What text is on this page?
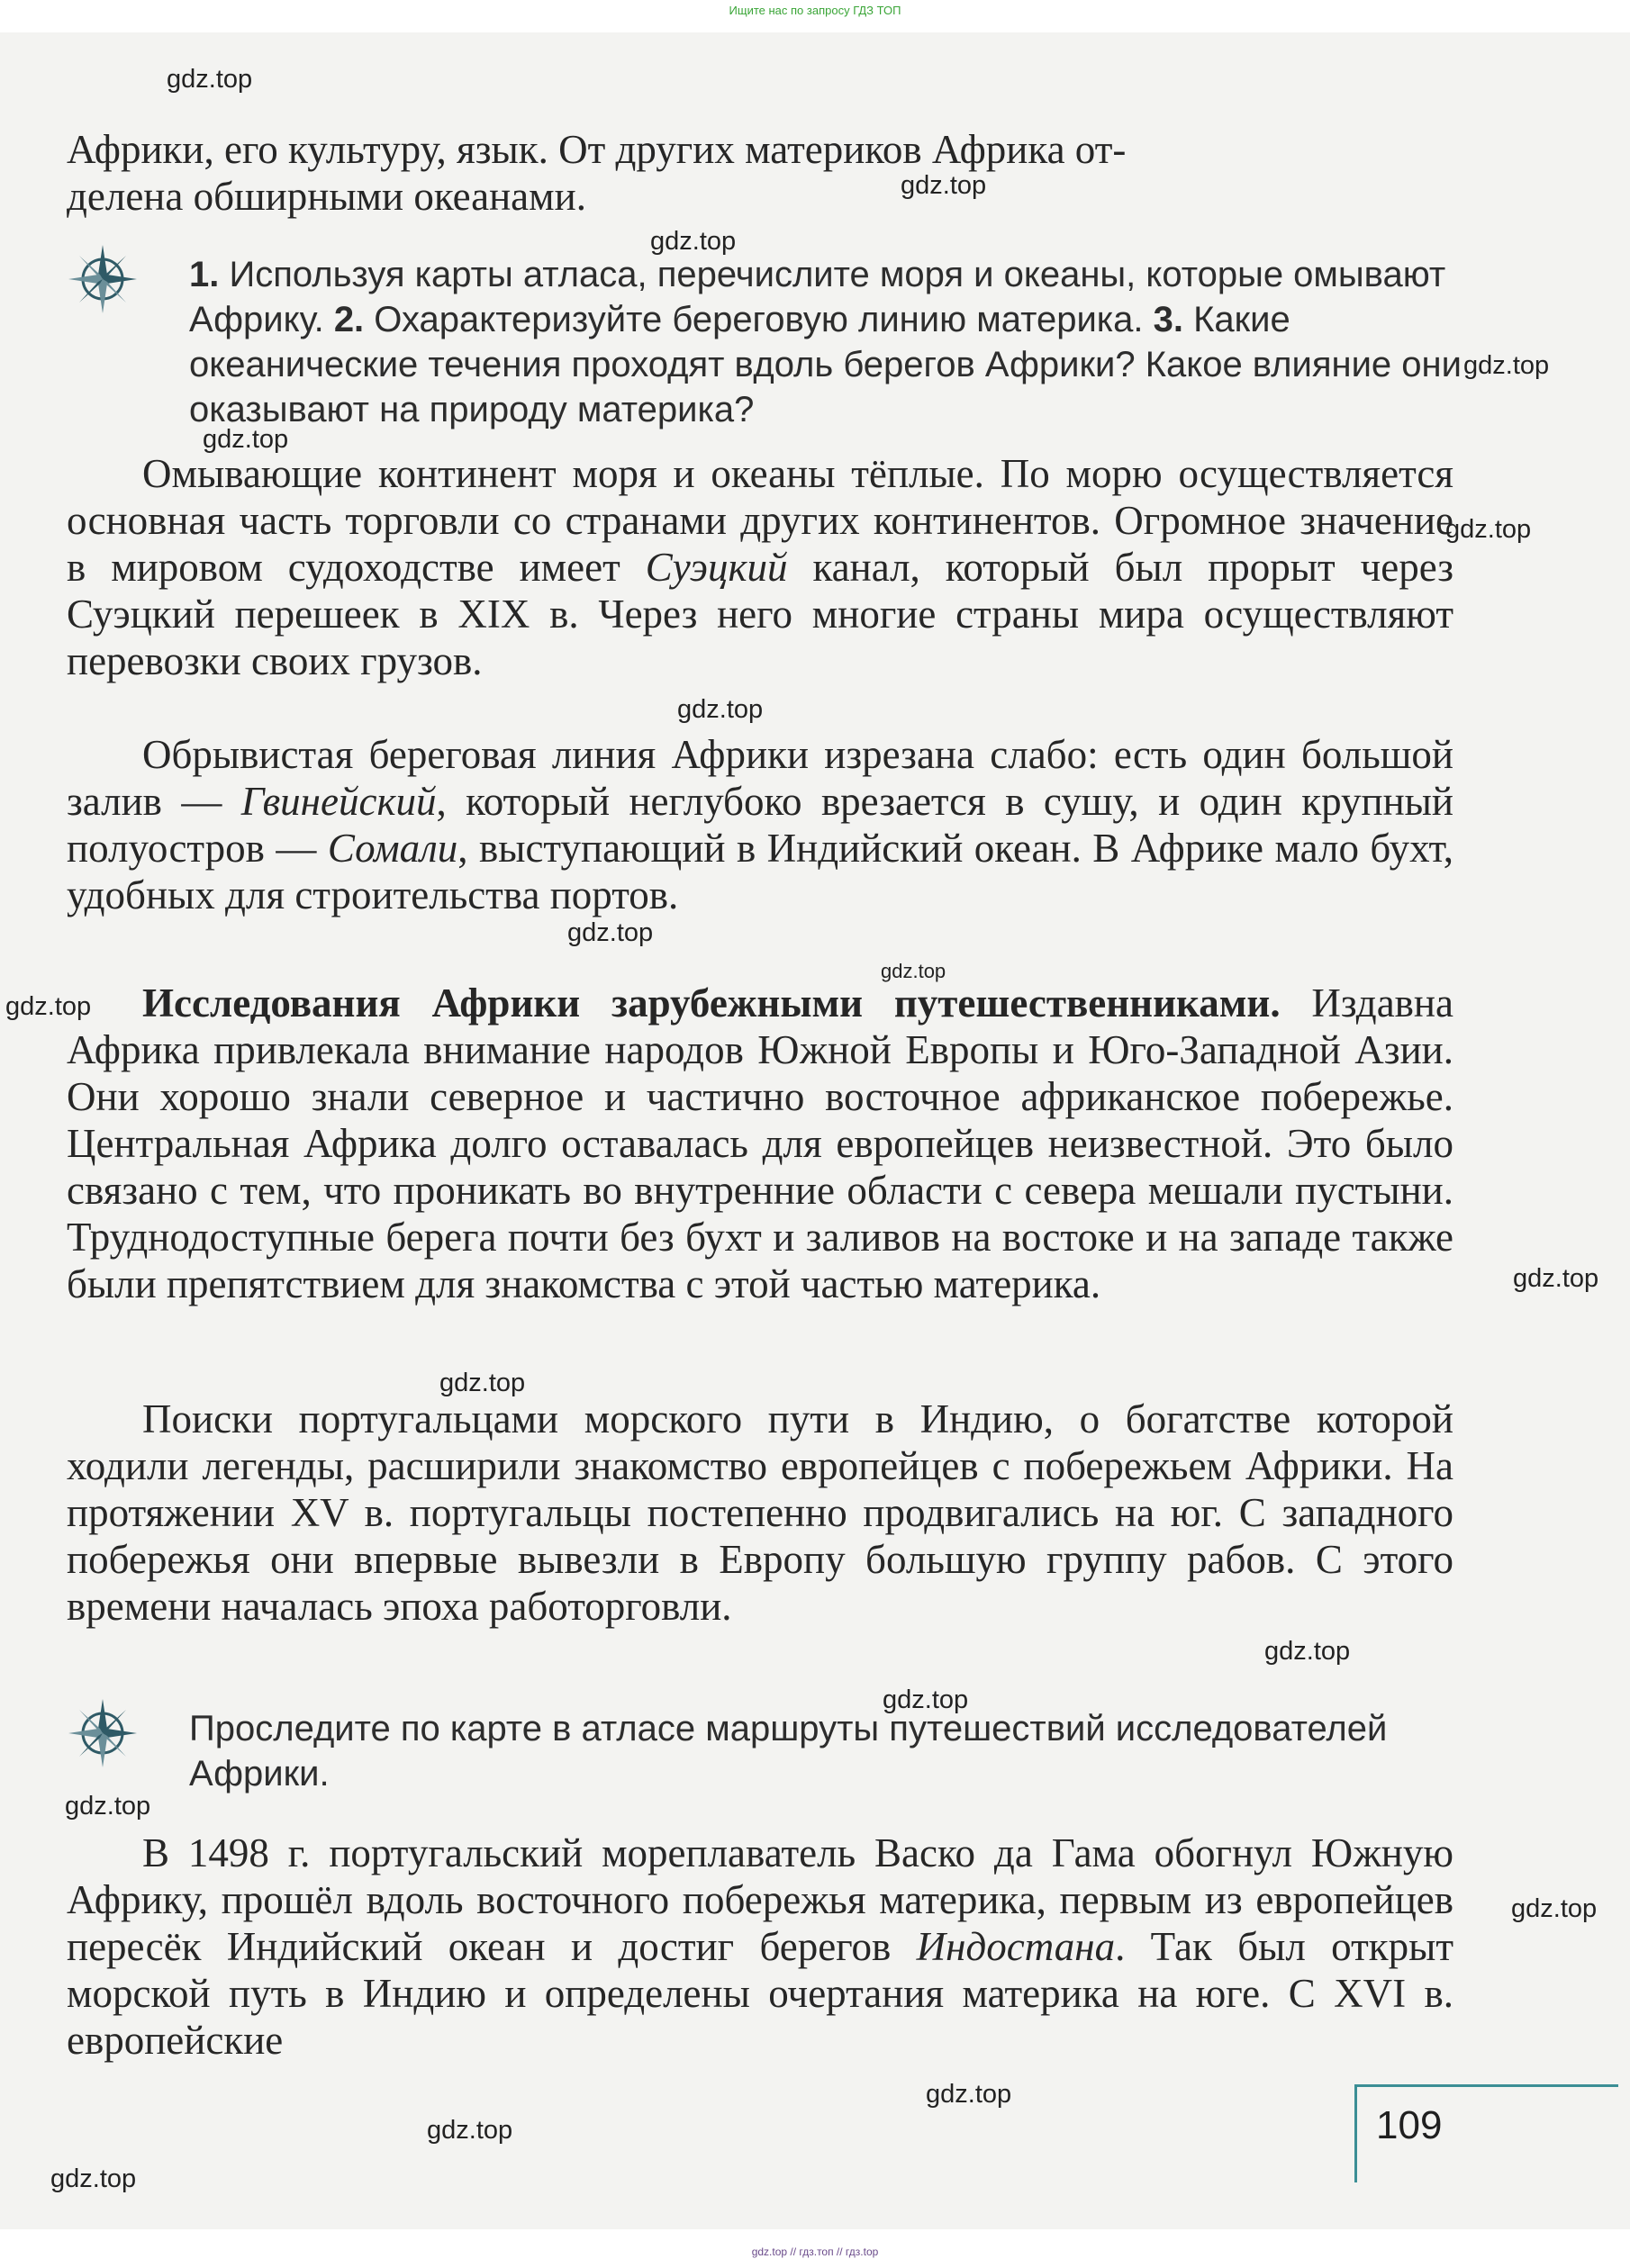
Ищите нас по запросу ГДЗ ТОП

Африки, его культуру, язык. От других материков Африка от-
делена обширными океанами.

1. Используя карты атласа, перечислите моря и океаны, которые омывают Африку. 2. Охарактеризуйте береговую линию материка. 3. Какие океанические течения проходят вдоль берегов Африки? Какое влияние они оказывают на природу материка?

Омывающие континент моря и океаны тёплые. По морю осуществляется основная часть торговли со странами других континентов. Огромное значение в мировом судоходстве имеет Суэцкий канал, который был прорыт через Суэцкий перешеек в XIX в. Через него многие страны мира осуществляют перевозки своих грузов.

Обрывистая береговая линия Африки изрезана слабо: есть один большой залив — Гвинейский, который неглубоко врезается в сушу, и один крупный полуостров — Сомали, выступающий в Индийский океан. В Африке мало бухт, удобных для строительства портов.

Исследования Африки зарубежными путешественниками. Издавна Африка привлекала внимание народов Южной Европы и Юго-Западной Азии. Они хорошо знали северное и частично восточное африканское побережье. Центральная Африка долго оставалась для европейцев неизвестной. Это было связано с тем, что проникать во внутренние области с севера мешали пустыни. Труднодоступные берега почти без бухт и заливов на востоке и на западе также были препятствием для знакомства с этой частью материка.

Поиски португальцами морского пути в Индию, о богатстве которой ходили легенды, расширили знакомство европейцев с побережьем Африки. На протяжении XV в. португальцы постепенно продвигались на юг. С западного побережья они впервые вывезли в Европу большую группу рабов. С этого времени началась эпоха работорговли.

Проследите по карте в атласе маршруты путешествий исследователей Африки.

В 1498 г. португальский мореплаватель Васко да Гама обогнул Южную Африку, прошёл вдоль восточного побережья материка, первым из европейцев пересёк Индийский океан и достиг берегов Индостана. Так был открыт морской путь в Индию и определены очертания материка на юге. С XVI в. европейские

109
gdz.top
gdz.top
gdz.top
gdz.top
gdz.top
gdz.top
gdz.top
gdz.top
gdz.top
gdz.top
gdz.top
gdz.top
gdz.top
gdz.top
gdz.top
gdz.top
gdz.top
gdz.top
gdz.top
gdz.top // гдз.топ // гдз.top
